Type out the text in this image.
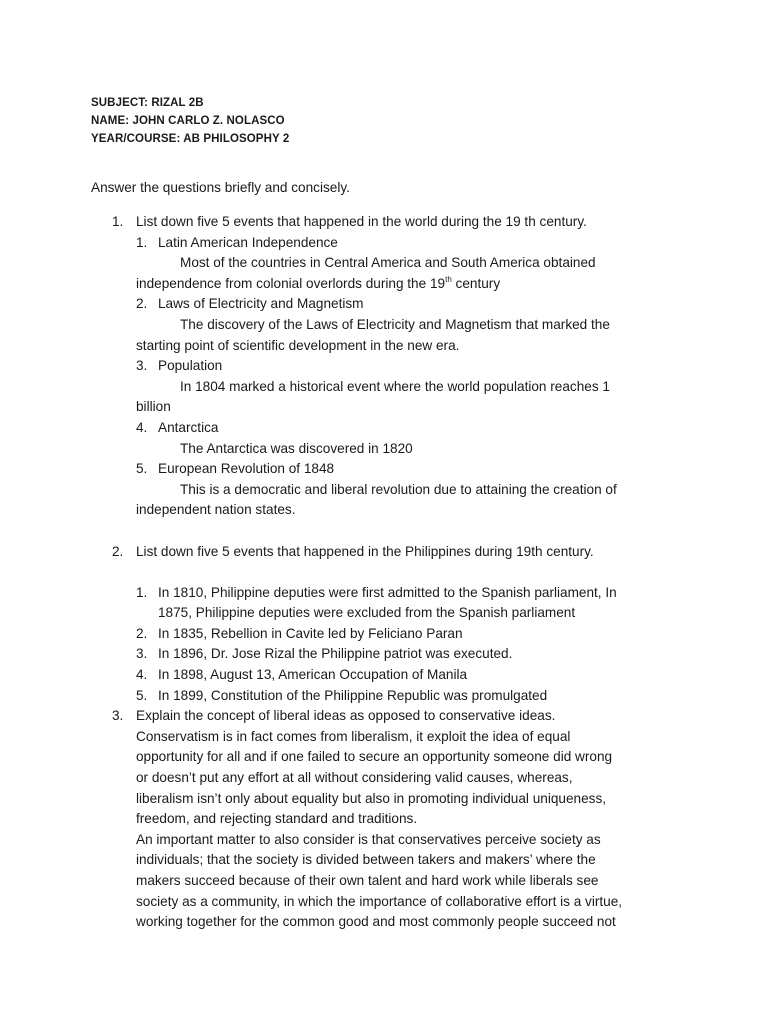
SUBJECT: RIZAL 2B
NAME: JOHN CARLO Z. NOLASCO
YEAR/COURSE: AB PHILOSOPHY 2
Answer the questions briefly and concisely.
1. List down five 5 events that happened in the world during the 19 th century.
1. Latin American Independence
Most of the countries in Central America and South America obtained
independence from colonial overlords during the 19th century
2. Laws of Electricity and Magnetism
The discovery of the Laws of Electricity and Magnetism that marked the
starting point of scientific development in the new era.
3. Population
In 1804 marked a historical event where the world population reaches 1
billion
4. Antarctica
The Antarctica was discovered in 1820
5. European Revolution of 1848
This is a democratic and liberal revolution due to attaining the creation of
independent nation states.
2. List down five 5 events that happened in the Philippines during 19th century.
1. In 1810, Philippine deputies were first admitted to the Spanish parliament, In
1875, Philippine deputies were excluded from the Spanish parliament
2. In 1835, Rebellion in Cavite led by Feliciano Paran
3. In 1896, Dr. Jose Rizal the Philippine patriot was executed.
4. In 1898, August 13, American Occupation of Manila
5. In 1899, Constitution of the Philippine Republic was promulgated
3. Explain the concept of liberal ideas as opposed to conservative ideas.
Conservatism is in fact comes from liberalism, it exploit the idea of equal
opportunity for all and if one failed to secure an opportunity someone did wrong
or doesn’t put any effort at all without considering valid causes, whereas,
liberalism isn’t only about equality but also in promoting individual uniqueness,
freedom, and rejecting standard and traditions.
An important matter to also consider is that conservatives perceive society as
individuals; that the society is divided between takers and makers’ where the
makers succeed because of their own talent and hard work while liberals see
society as a community, in which the importance of collaborative effort is a virtue,
working together for the common good and most commonly people succeed not
